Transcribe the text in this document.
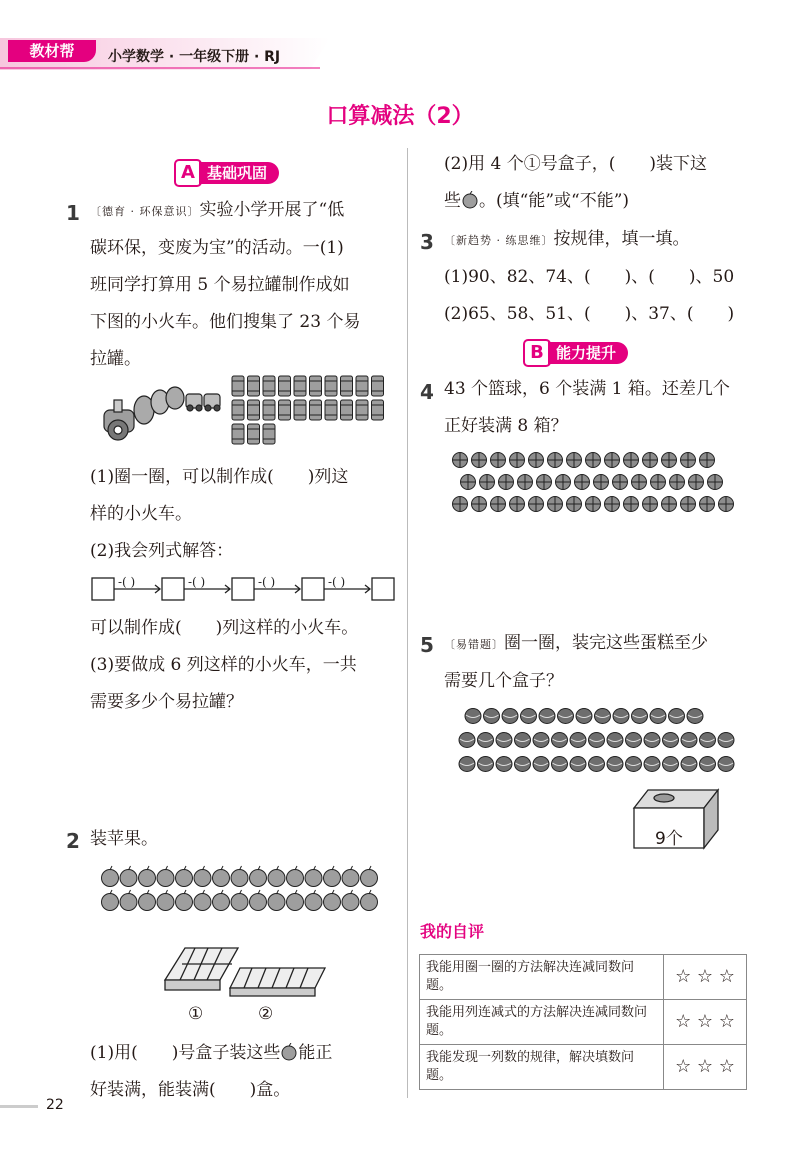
教材帮	小学数学 · 一年级下册 · RJ
口算减法（2）
A 基础巩固
1 〔德育 · 环保意识〕实验小学开展了“低
碳环保，变废为宝”的活动。一(1)
班同学打算用 5 个易拉罐制作成如
下图的小火车。他们搜集了 23 个易
拉罐。
(1)圈一圈，可以制作成(　　)列这
样的小火车。
(2)我会列式解答：
-( )	-( )	-( )	-( )
可以制作成(　　)列这样的小火车。
(3)要做成 6 列这样的小火车，一共
需要多少个易拉罐？
2 装苹果。
①	②
(1)用(　　)号盒子装这些 能正
好装满，能装满(　　)盒。
(2)用 4 个①号盒子，(　　)装下这
些 。(填“能”或“不能”)
3 〔新趋势 · 练思维〕按规律，填一填。
(1)90、82、74、(　　)、(　　)、50
(2)65、58、51、(　　)、37、(　　)
B 能力提升
4 43 个篮球，6 个装满 1 箱。还差几个
正好装满 8 箱？
5 〔易错题〕圈一圈，装完这些蛋糕至少
需要几个盒子？
9个
我的自评
我能用圈一圈的方法解决连减同数问题。	☆ ☆ ☆
我能用列连减式的方法解决连减同数问题。	☆ ☆ ☆
我能发现一列数的规律，解决填数问题。	☆ ☆ ☆
22
